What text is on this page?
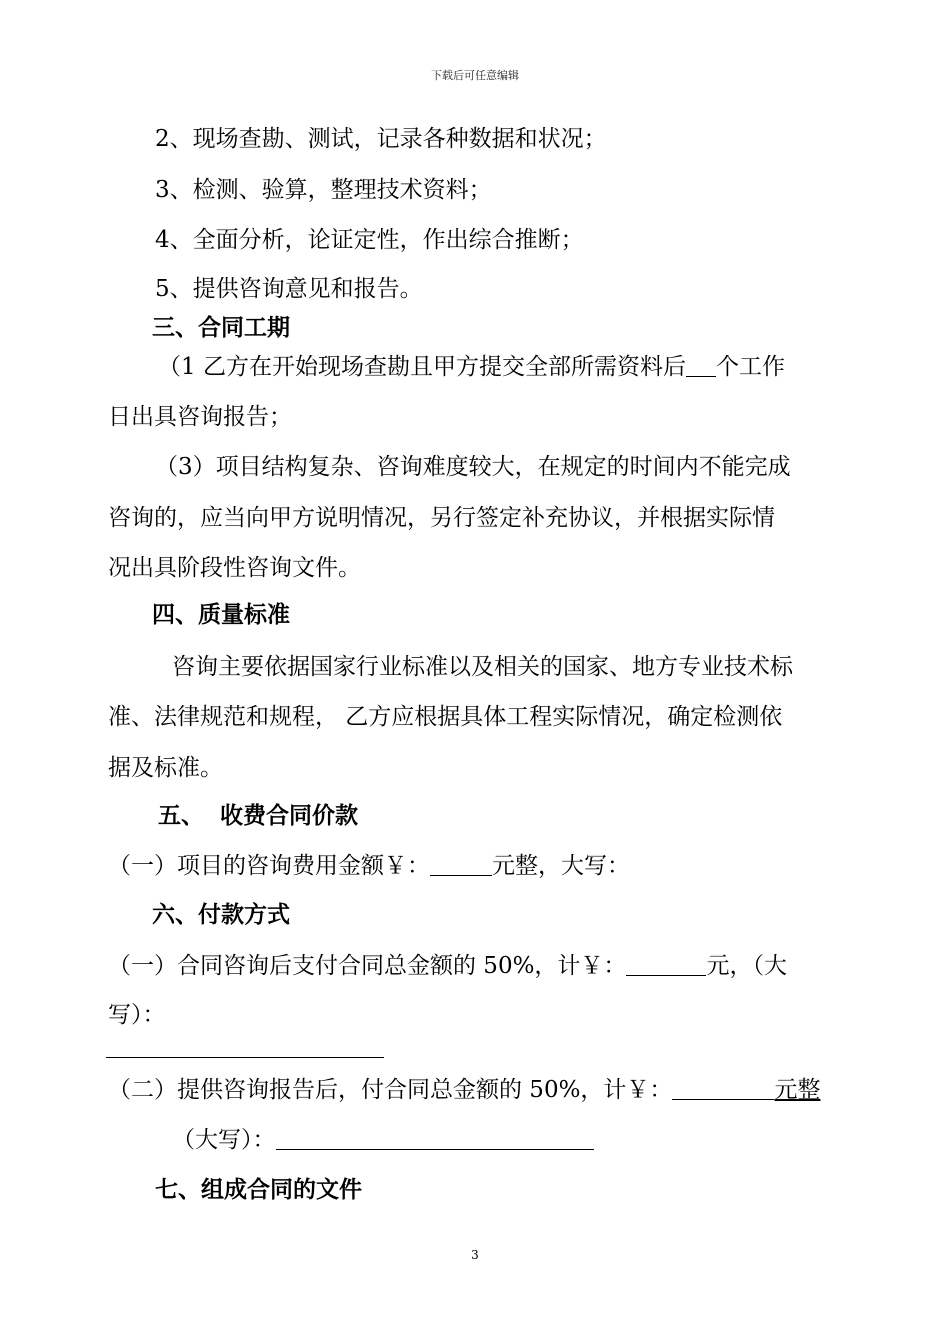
下载后可任意编辑
2、现场查勘、测试，记录各种数据和状况；
3、检测、验算，整理技术资料；
4、全面分析，论证定性，作出综合推断；
5、提供咨询意见和报告。
三、合同工期
（1 乙方在开始现场查勘且甲方提交全部所需资料后 个工作
日出具咨询报告；
（3）项目结构复杂、咨询难度较大，在规定的时间内不能完成
咨询的，应当向甲方说明情况，另行签定补充协议，并根据实际情
况出具阶段性咨询文件。
四、质量标准
咨询主要依据国家行业标准以及相关的国家、地方专业技术标
准、法律规范和规程， 乙方应根据具体工程实际情况，确定检测依
据及标准。
五、 收费合同价款
（一）项目的咨询费用金额￥：	元整，大写：
六、付款方式
（一）合同咨询后支付合同总金额的 50%，计￥：	元，（大
写）：
（二）提供咨询报告后，付合同总金额的 50%，计￥：	元整
（大写）：
七、组成合同的文件
3
